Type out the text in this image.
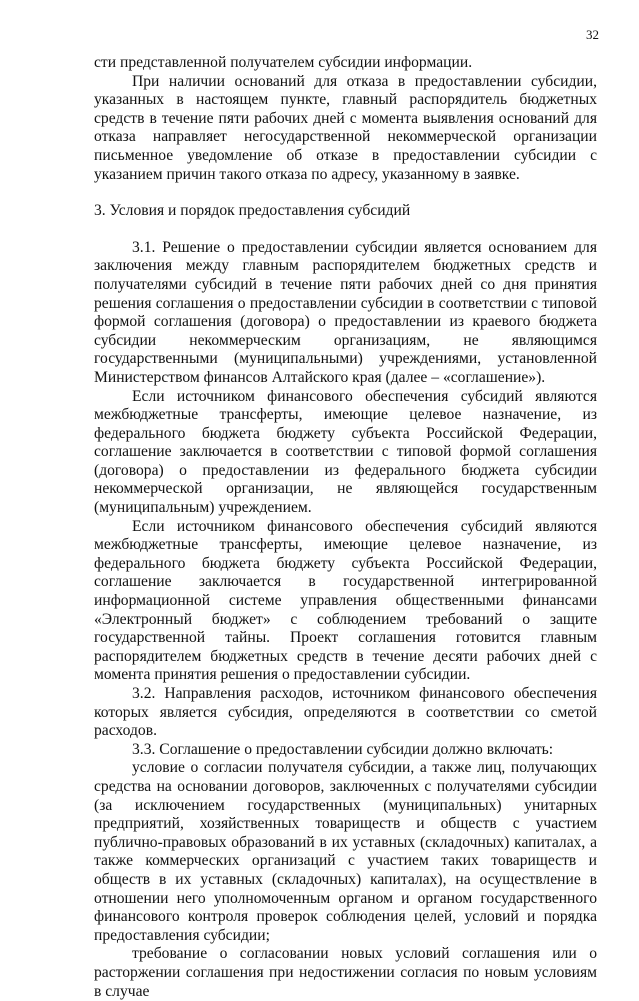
32

сти представленной получателем субсидии информации.

При наличии оснований для отказа в предоставлении субсидии, указанных в настоящем пункте, главный распорядитель бюджетных средств в течение пяти рабочих дней с момента выявления оснований для отказа направляет негосударственной некоммерческой организации письменное уведомление об отказе в предоставлении субсидии с указанием причин такого отказа по адресу, указанному в заявке.

3. Условия и порядок предоставления субсидий

3.1. Решение о предоставлении субсидии является основанием для заключения между главным распорядителем бюджетных средств и получателями субсидий в течение пяти рабочих дней со дня принятия решения соглашения о предоставлении субсидии в соответствии с типовой формой соглашения (договора) о предоставлении из краевого бюджета субсидии некоммерческим организациям, не являющимся государственными (муниципальными) учреждениями, установленной Министерством финансов Алтайского края (далее – «соглашение»).

Если источником финансового обеспечения субсидий являются межбюджетные трансферты, имеющие целевое назначение, из федерального бюджета бюджету субъекта Российской Федерации, соглашение заключается в соответствии с типовой формой соглашения (договора) о предоставлении из федерального бюджета субсидии некоммерческой организации, не являющейся государственным (муниципальным) учреждением.

Если источником финансового обеспечения субсидий являются межбюджетные трансферты, имеющие целевое назначение, из федерального бюджета бюджету субъекта Российской Федерации, соглашение заключается в государственной интегрированной информационной системе управления общественными финансами «Электронный бюджет» с соблюдением требований о защите государственной тайны. Проект соглашения готовится главным распорядителем бюджетных средств в течение десяти рабочих дней с момента принятия решения о предоставлении субсидии.

3.2. Направления расходов, источником финансового обеспечения которых является субсидия, определяются в соответствии со сметой расходов.

3.3. Соглашение о предоставлении субсидии должно включать:

условие о согласии получателя субсидии, а также лиц, получающих средства на основании договоров, заключенных с получателями субсидии (за исключением государственных (муниципальных) унитарных предприятий, хозяйственных товариществ и обществ с участием публично-правовых образований в их уставных (складочных) капиталах, а также коммерческих организаций с участием таких товариществ и обществ в их уставных (складочных) капиталах), на осуществление в отношении него уполномоченным органом и органом государственного финансового контроля проверок соблюдения целей, условий и порядка предоставления субсидии;

требование о согласовании новых условий соглашения или о расторжении соглашения при недостижении согласия по новым условиям в случае
